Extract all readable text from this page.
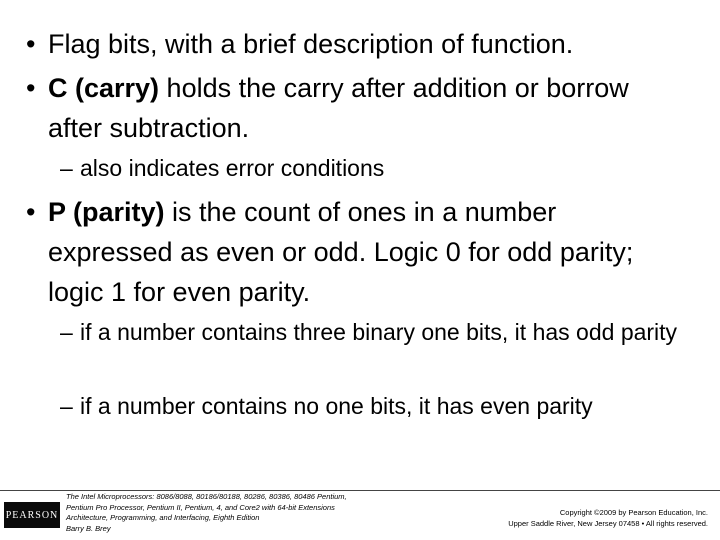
• Flag bits, with a brief description of function.
• C (carry) holds the carry after addition or borrow after subtraction.
– also indicates error conditions
• P (parity) is the count of ones in a number expressed as even or odd. Logic 0 for odd parity; logic 1 for even parity.
– if a number contains three binary one bits, it has odd parity
– if a number contains no one bits, it has even parity
PEARSON
The Intel Microprocessors: 8086/8088, 80186/80188, 80286, 80386, 80486 Pentium,
Pentium Pro Processor, Pentium II, Pentium, 4, and Core2 with 64-bit Extensions
Architecture, Programming, and Interfacing, Eighth Edition
Barry B. Brey
Copyright ©2009 by Pearson Education, Inc.
Upper Saddle River, New Jersey 07458 • All rights reserved.
